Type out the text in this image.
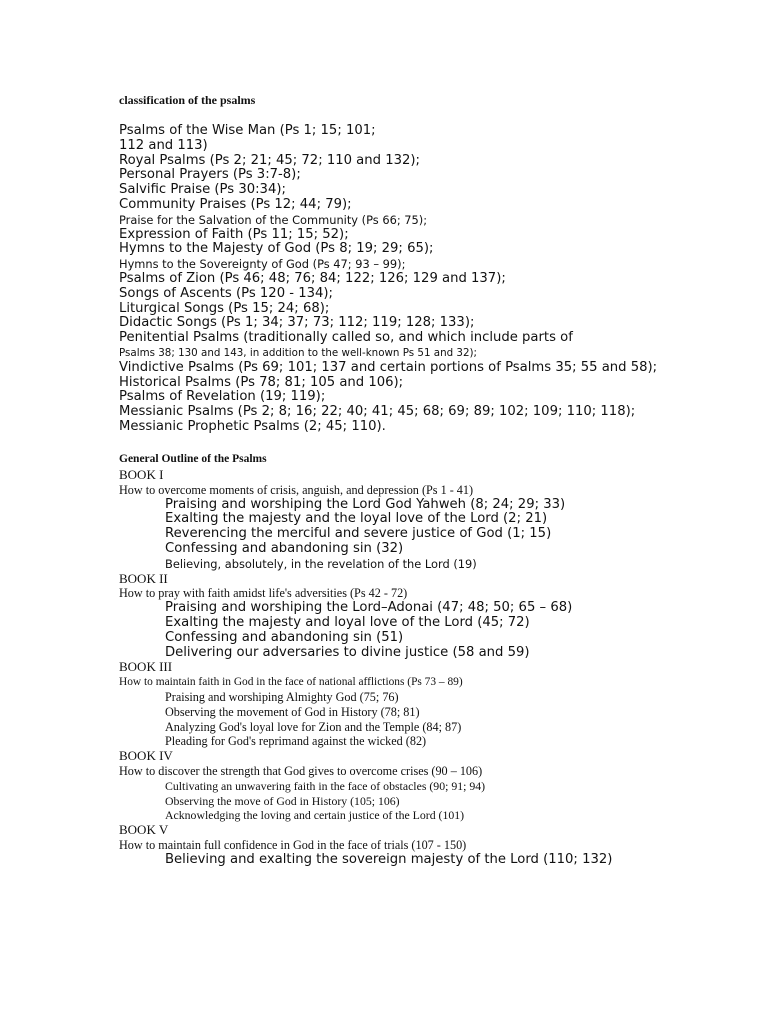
classification of the psalms
Psalms of the Wise Man (Ps 1; 15; 101;
112 and 113)
Royal Psalms (Ps 2; 21; 45; 72; 110 and 132);
Personal Prayers (Ps 3:7-8);
Salvific Praise (Ps 30:34);
Community Praises (Ps 12; 44; 79);
Praise for the Salvation of the Community (Ps 66; 75);
Expression of Faith (Ps 11; 15; 52);
Hymns to the Majesty of God (Ps 8; 19; 29; 65);
Hymns to the Sovereignty of God (Ps 47; 93 – 99);
Psalms of Zion (Ps 46; 48; 76; 84; 122; 126; 129 and 137);
Songs of Ascents (Ps 120 - 134);
Liturgical Songs (Ps 15; 24; 68);
Didactic Songs (Ps 1; 34; 37; 73; 112; 119; 128; 133);
Penitential Psalms (traditionally called so, and which include parts of
Psalms 38; 130 and 143, in addition to the well-known Ps 51 and 32);
Vindictive Psalms (Ps 69; 101; 137 and certain portions of Psalms 35; 55 and 58);
Historical Psalms (Ps 78; 81; 105 and 106);
Psalms of Revelation (19; 119);
Messianic Psalms (Ps 2; 8; 16; 22; 40; 41; 45; 68; 69; 89; 102; 109; 110; 118);
Messianic Prophetic Psalms (2; 45; 110).
General Outline of the Psalms
BOOK I
How to overcome moments of crisis, anguish, and depression (Ps 1 - 41)
Praising and worshiping the Lord God Yahweh (8; 24; 29; 33)
Exalting the majesty and the loyal love of the Lord (2; 21)
Reverencing the merciful and severe justice of God (1; 15)
Confessing and abandoning sin (32)
Believing, absolutely, in the revelation of the Lord (19)
BOOK II
How to pray with faith amidst life's adversities (Ps 42 - 72)
Praising and worshiping the Lord–Adonai (47; 48; 50; 65 – 68)
Exalting the majesty and loyal love of the Lord (45; 72)
Confessing and abandoning sin (51)
Delivering our adversaries to divine justice (58 and 59)
BOOK III
How to maintain faith in God in the face of national afflictions (Ps 73 – 89)
Praising and worshiping Almighty God (75; 76)
Observing the movement of God in History (78; 81)
Analyzing God's loyal love for Zion and the Temple (84; 87)
Pleading for God's reprimand against the wicked (82)
BOOK IV
How to discover the strength that God gives to overcome crises (90 – 106)
Cultivating an unwavering faith in the face of obstacles (90; 91; 94)
Observing the move of God in History (105; 106)
Acknowledging the loving and certain justice of the Lord (101)
BOOK V
How to maintain full confidence in God in the face of trials (107 - 150)
Believing and exalting the sovereign majesty of the Lord (110; 132)
